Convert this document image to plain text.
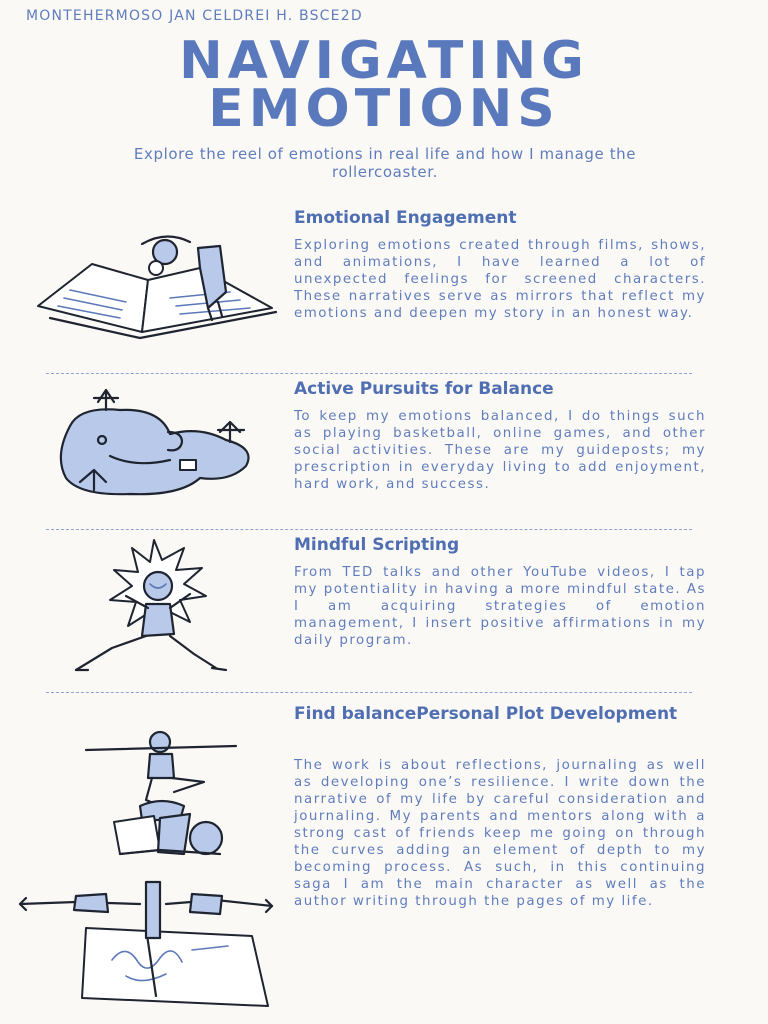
MONTEHERMOSO JAN CELDREI H. BSCE2D
NAVIGATING
EMOTIONS
Explore the reel of emotions in real life and how I manage the rollercoaster.
Emotional Engagement
Exploring emotions created through films, shows, and animations, I have learned a lot of unexpected feelings for screened characters. These narratives serve as mirrors that reflect my emotions and deepen my story in an honest way.
Active Pursuits for Balance
To keep my emotions balanced, I do things such as playing basketball, online games, and other social activities. These are my guideposts; my prescription in everyday living to add enjoyment, hard work, and success.
Mindful Scripting
From TED talks and other YouTube videos, I tap my potentiality in having a more mindful state. As I am acquiring strategies of emotion management, I insert positive affirmations in my daily program.
Find balancePersonal Plot Development
The work is about reflections, journaling as well as developing one’s resilience. I write down the narrative of my life by careful consideration and journaling. My parents and mentors along with a strong cast of friends keep me going on through the curves adding an element of depth to my becoming process. As such, in this continuing saga I am the main character as well as the author writing through the pages of my life.
